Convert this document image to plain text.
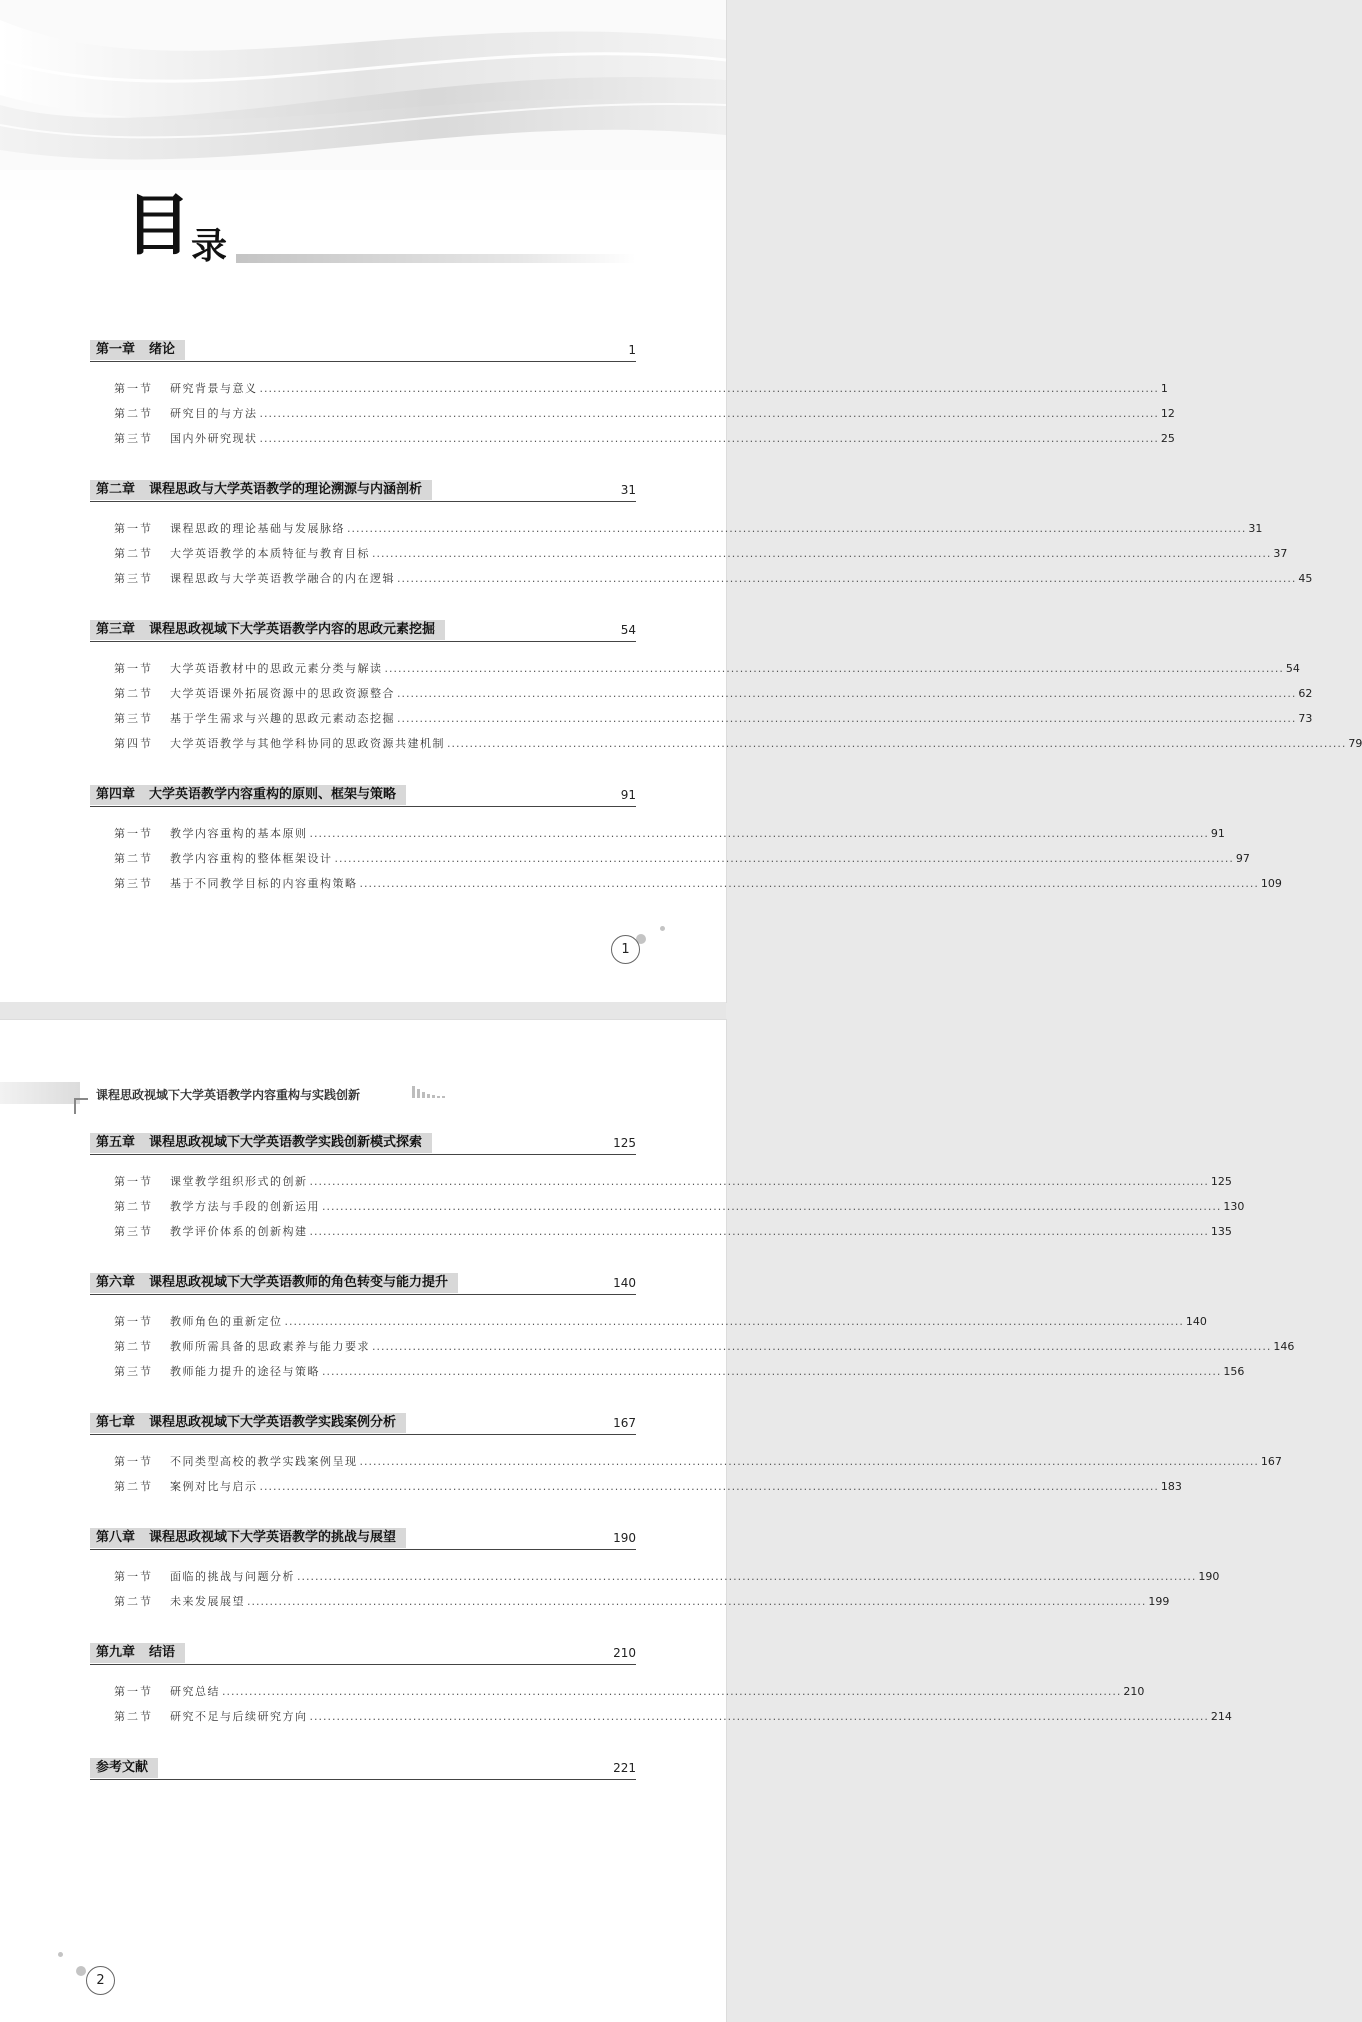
目 录
第一章 绪论	1
第一节	研究背景与意义 ........................................................................................................................................................................................................ 1
第二节	研究目的与方法 ........................................................................................................................................................................................................ 12
第三节	国内外研究现状 ........................................................................................................................................................................................................ 25
第二章 课程思政与大学英语教学的理论溯源与内涵剖析	31
第一节	课程思政的理论基础与发展脉络 ........................................................................................................................................................................................................ 31
第二节	大学英语教学的本质特征与教育目标 ........................................................................................................................................................................................................ 37
第三节	课程思政与大学英语教学融合的内在逻辑 ........................................................................................................................................................................................................ 45
第三章 课程思政视域下大学英语教学内容的思政元素挖掘	54
第一节	大学英语教材中的思政元素分类与解读 ........................................................................................................................................................................................................ 54
第二节	大学英语课外拓展资源中的思政资源整合 ........................................................................................................................................................................................................ 62
第三节	基于学生需求与兴趣的思政元素动态挖掘 ........................................................................................................................................................................................................ 73
第四节	大学英语教学与其他学科协同的思政资源共建机制 ........................................................................................................................................................................................................ 79
第四章 大学英语教学内容重构的原则、框架与策略	91
第一节	教学内容重构的基本原则 ........................................................................................................................................................................................................ 91
第二节	教学内容重构的整体框架设计 ........................................................................................................................................................................................................ 97
第三节	基于不同教学目标的内容重构策略 ........................................................................................................................................................................................................ 109
1
课程思政视域下大学英语教学内容重构与实践创新
第五章 课程思政视域下大学英语教学实践创新模式探索	125
第一节	课堂教学组织形式的创新 ........................................................................................................................................................................................................ 125
第二节	教学方法与手段的创新运用 ........................................................................................................................................................................................................ 130
第三节	教学评价体系的创新构建 ........................................................................................................................................................................................................ 135
第六章 课程思政视域下大学英语教师的角色转变与能力提升	140
第一节	教师角色的重新定位 ........................................................................................................................................................................................................ 140
第二节	教师所需具备的思政素养与能力要求 ........................................................................................................................................................................................................ 146
第三节	教师能力提升的途径与策略 ........................................................................................................................................................................................................ 156
第七章 课程思政视域下大学英语教学实践案例分析	167
第一节	不同类型高校的教学实践案例呈现 ........................................................................................................................................................................................................ 167
第二节	案例对比与启示 ........................................................................................................................................................................................................ 183
第八章 课程思政视域下大学英语教学的挑战与展望	190
第一节	面临的挑战与问题分析 ........................................................................................................................................................................................................ 190
第二节	未来发展展望 ........................................................................................................................................................................................................ 199
第九章 结语	210
第一节	研究总结 ........................................................................................................................................................................................................ 210
第二节	研究不足与后续研究方向 ........................................................................................................................................................................................................ 214
参考文献	221
2
